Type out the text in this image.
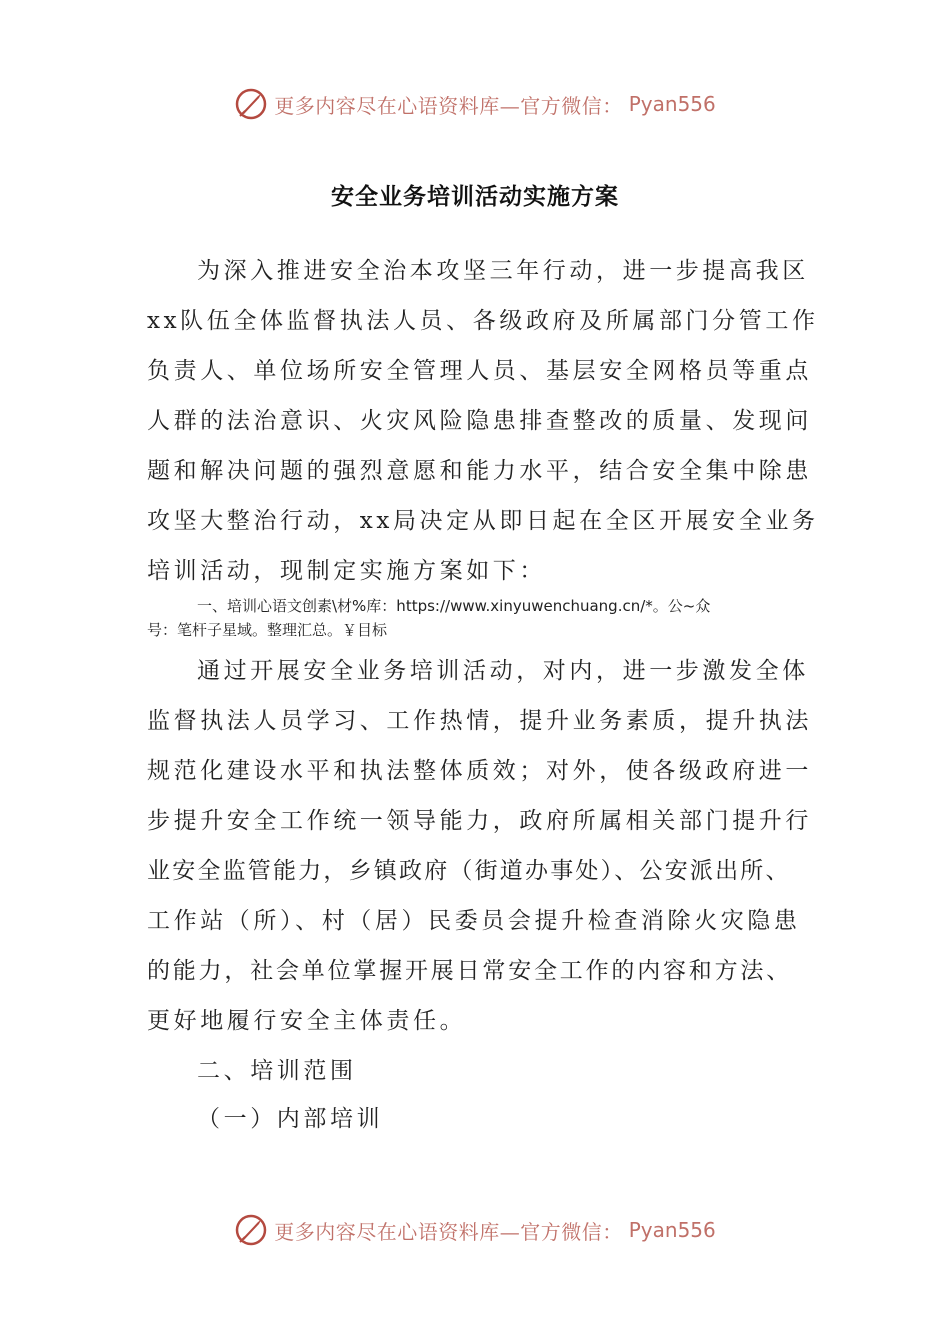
更多内容尽在心语资料库—官方微信： Pyan556
安全业务培训活动实施方案
为深入推进安全治本攻坚三年行动，进一步提高我区
xx队伍全体监督执法人员、各级政府及所属部门分管工作
负责人、单位场所安全管理人员、基层安全网格员等重点
人群的法治意识、火灾风险隐患排查整改的质量、发现问
题和解决问题的强烈意愿和能力水平，结合安全集中除患
攻坚大整治行动，xx局决定从即日起在全区开展安全业务
培训活动，现制定实施方案如下：
一、培训心语文创素\材%库：https://www.xinyuwenchuang.cn/*。公~众
号：笔杆子星域。整理汇总。￥目标
通过开展安全业务培训活动，对内，进一步激发全体
监督执法人员学习、工作热情，提升业务素质，提升执法
规范化建设水平和执法整体质效；对外，使各级政府进一
步提升安全工作统一领导能力，政府所属相关部门提升行
业安全监管能力，乡镇政府（街道办事处）、公安派出所、
工作站（所）、村（居）民委员会提升检查消除火灾隐患
的能力，社会单位掌握开展日常安全工作的内容和方法、
更好地履行安全主体责任。
二、培训范围
（一）内部培训
更多内容尽在心语资料库—官方微信： Pyan556
